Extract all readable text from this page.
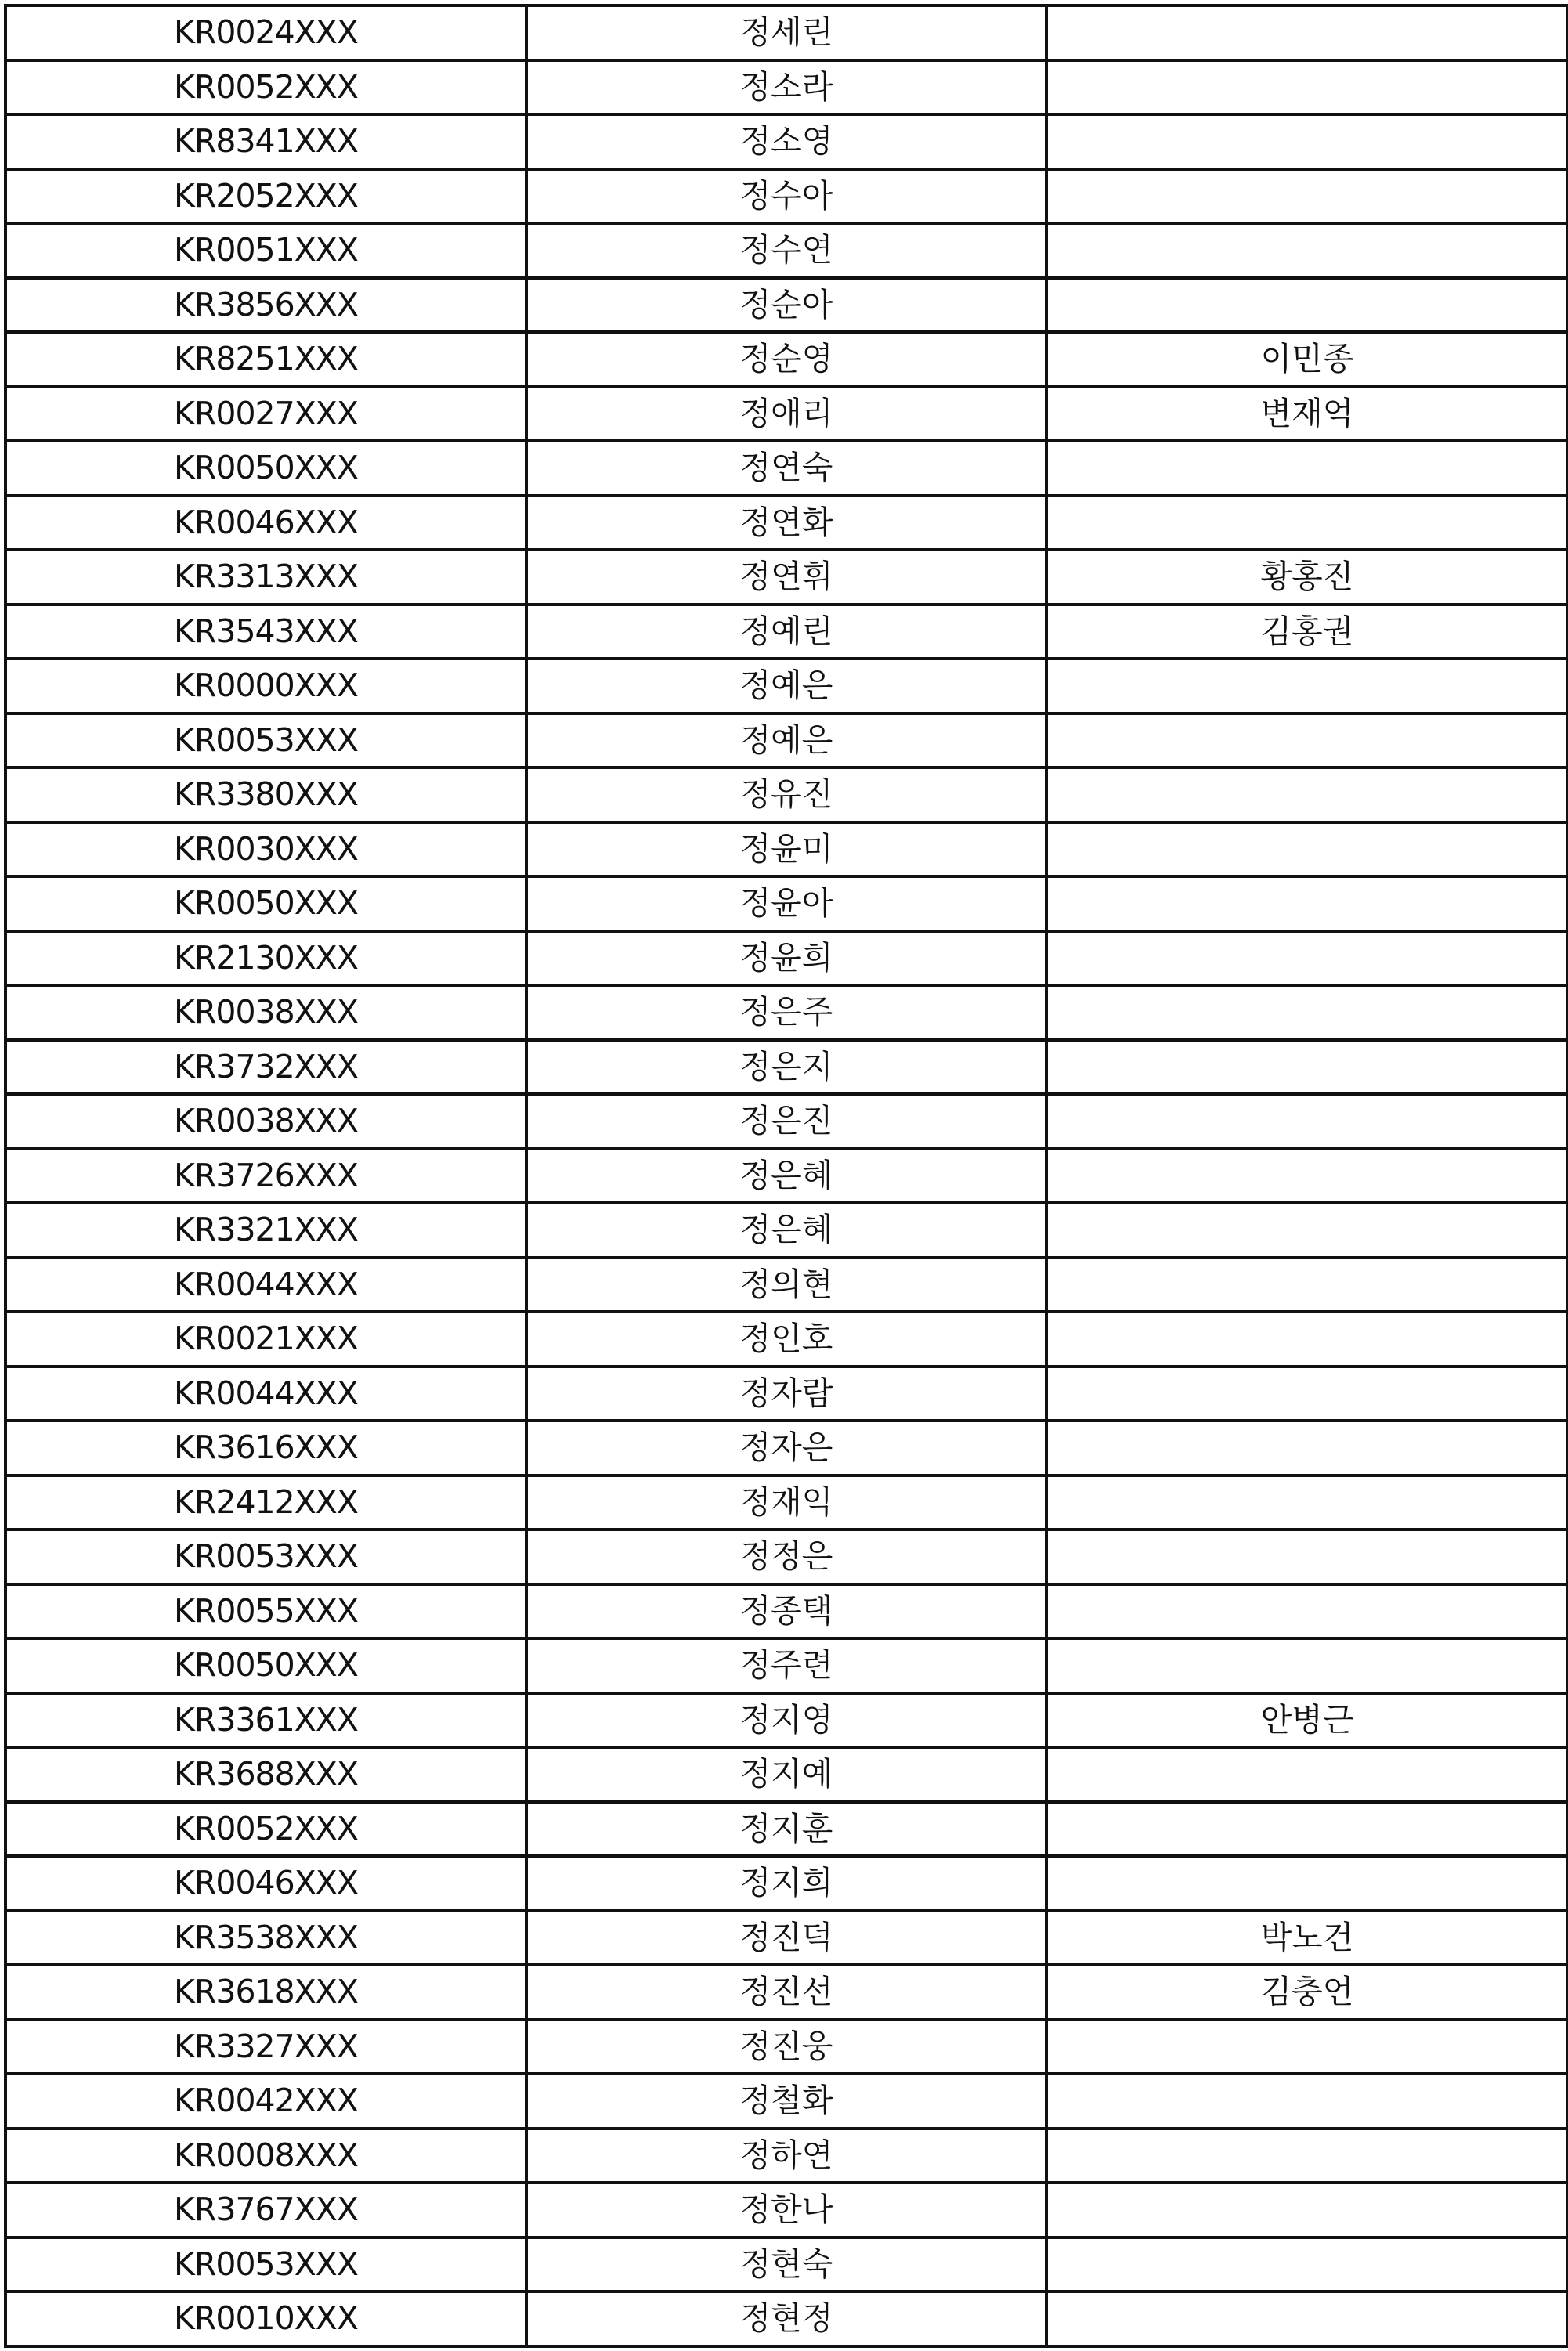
KR0024XXX	정세린	
KR0052XXX	정소라	
KR8341XXX	정소영	
KR2052XXX	정수아	
KR0051XXX	정수연	
KR3856XXX	정순아	
KR8251XXX	정순영	이민종
KR0027XXX	정애리	변재억
KR0050XXX	정연숙	
KR0046XXX	정연화	
KR3313XXX	정연휘	황홍진
KR3543XXX	정예린	김홍권
KR0000XXX	정예은	
KR0053XXX	정예은	
KR3380XXX	정유진	
KR0030XXX	정윤미	
KR0050XXX	정윤아	
KR2130XXX	정윤희	
KR0038XXX	정은주	
KR3732XXX	정은지	
KR0038XXX	정은진	
KR3726XXX	정은혜	
KR3321XXX	정은혜	
KR0044XXX	정의현	
KR0021XXX	정인호	
KR0044XXX	정자람	
KR3616XXX	정자은	
KR2412XXX	정재익	
KR0053XXX	정정은	
KR0055XXX	정종택	
KR0050XXX	정주련	
KR3361XXX	정지영	안병근
KR3688XXX	정지예	
KR0052XXX	정지훈	
KR0046XXX	정지희	
KR3538XXX	정진덕	박노건
KR3618XXX	정진선	김충언
KR3327XXX	정진웅	
KR0042XXX	정철화	
KR0008XXX	정하연	
KR3767XXX	정한나	
KR0053XXX	정현숙	
KR0010XXX	정현정	
